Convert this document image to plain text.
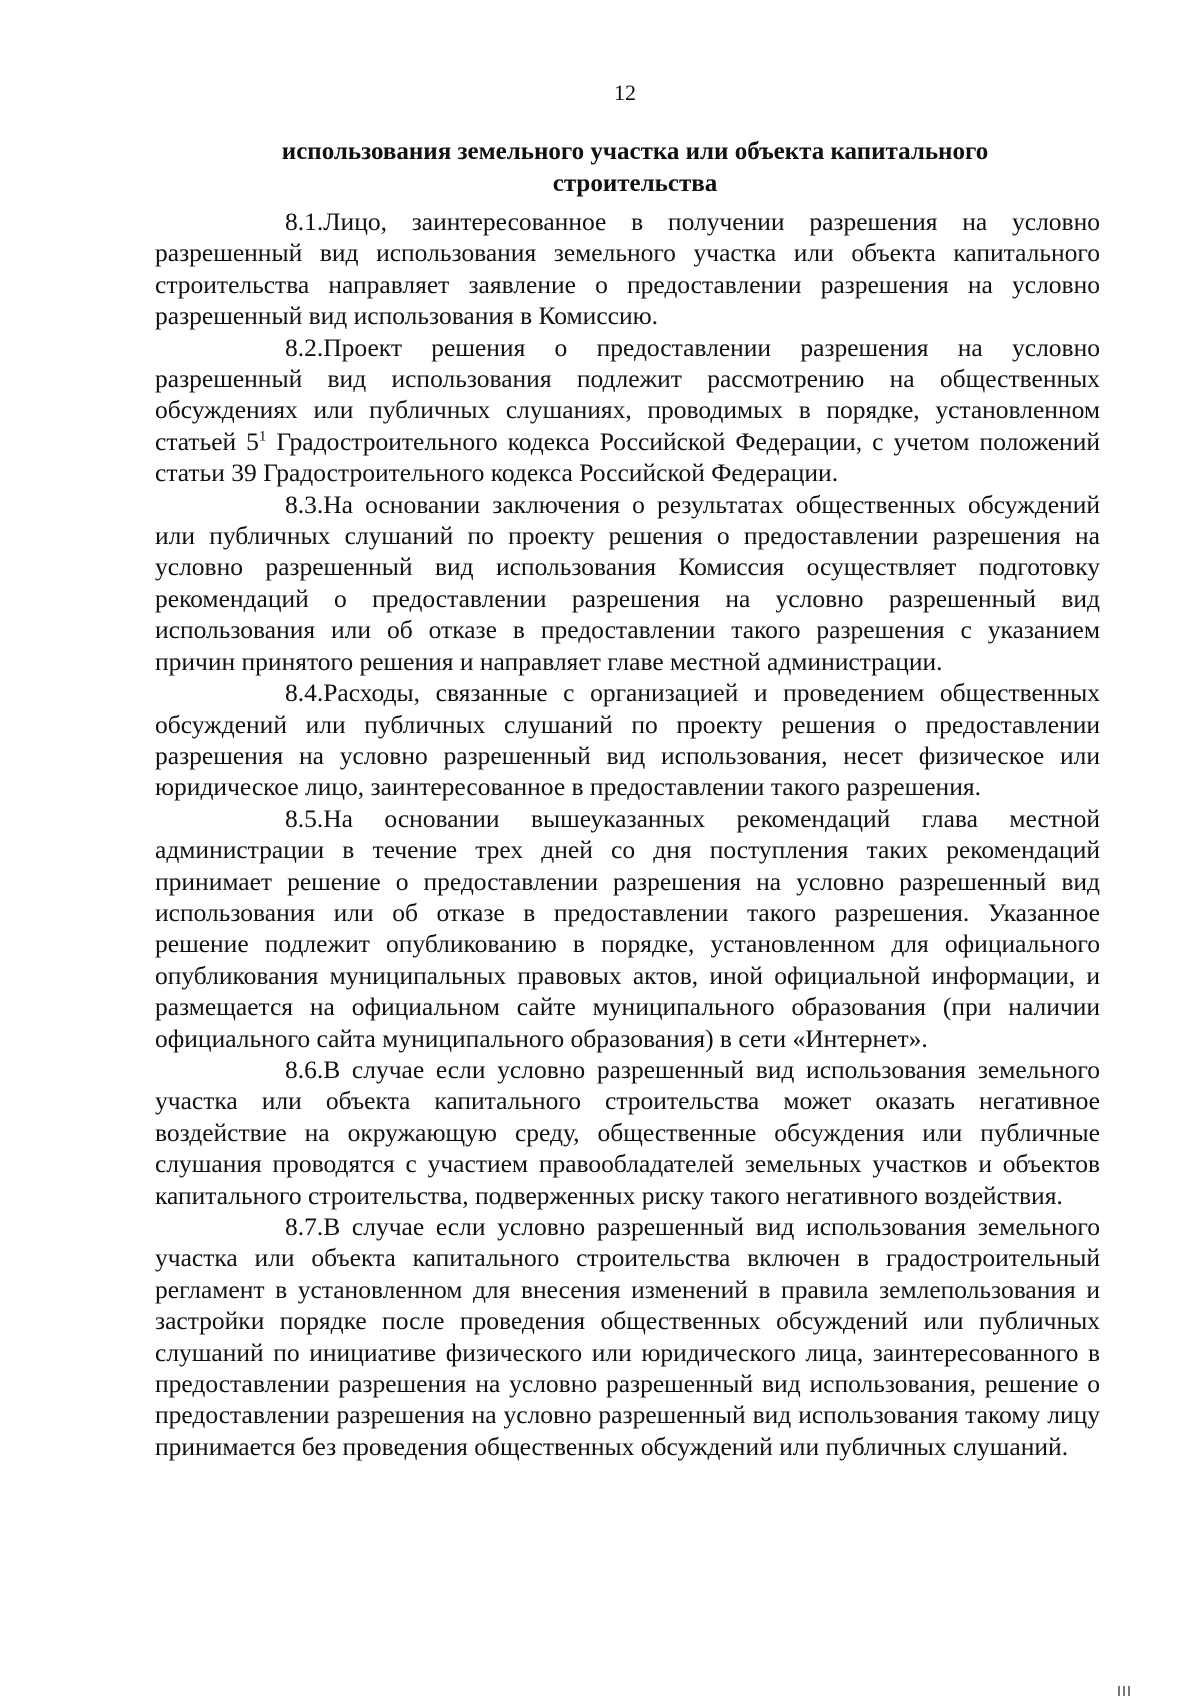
12
использования земельного участка или объекта капитального строительства

8.1.Лицо, заинтересованное в получении разрешения на условно разрешенный вид использования земельного участка или объекта капитального строительства направляет заявление о предоставлении разрешения на условно разрешенный вид использования в Комиссию.

8.2.Проект решения о предоставлении разрешения на условно разрешенный вид использования подлежит рассмотрению на общественных обсуждениях или публичных слушаниях, проводимых в порядке, установленном статьей $5^1$ Градостроительного кодекса Российской Федерации, с учетом положений статьи 39 Градостроительного кодекса Российской Федерации.

8.3.На основании заключения о результатах общественных обсуждений или публичных слушаний по проекту решения о предоставлении разрешения на условно разрешенный вид использования Комиссия осуществляет подготовку рекомендаций о предоставлении разрешения на условно разрешенный вид использования или об отказе в предоставлении такого разрешения с указанием причин принятого решения и направляет главе местной администрации.

8.4.Расходы, связанные с организацией и проведением общественных обсуждений или публичных слушаний по проекту решения о предоставлении разрешения на условно разрешенный вид использования, несет физическое или юридическое лицо, заинтересованное в предоставлении такого разрешения.

8.5.На основании вышеуказанных рекомендаций глава местной администрации в течение трех дней со дня поступления таких рекомендаций принимает решение о предоставлении разрешения на условно разрешенный вид использования или об отказе в предоставлении такого разрешения. Указанное решение подлежит опубликованию в порядке, установленном для официального опубликования муниципальных правовых актов, иной официальной информации, и размещается на официальном сайте муниципального образования (при наличии официального сайта муниципального образования) в сети «Интернет».

8.6.В случае если условно разрешенный вид использования земельного участка или объекта капитального строительства может оказать негативное воздействие на окружающую среду, общественные обсуждения или публичные слушания проводятся с участием правообладателей земельных участков и объектов капитального строительства, подверженных риску такого негативного воздействия.

8.7.В случае если условно разрешенный вид использования земельного участка или объекта капитального строительства включен в градостроительный регламент в установленном для внесения изменений в правила землепользования и застройки порядке после проведения общественных обсуждений или публичных слушаний по инициативе физического или юридического лица, заинтересованного в предоставлении разрешения на условно разрешенный вид использования, решение о предоставлении разрешения на условно разрешенный вид использования такому лицу принимается без проведения общественных обсуждений или публичных слушаний.
